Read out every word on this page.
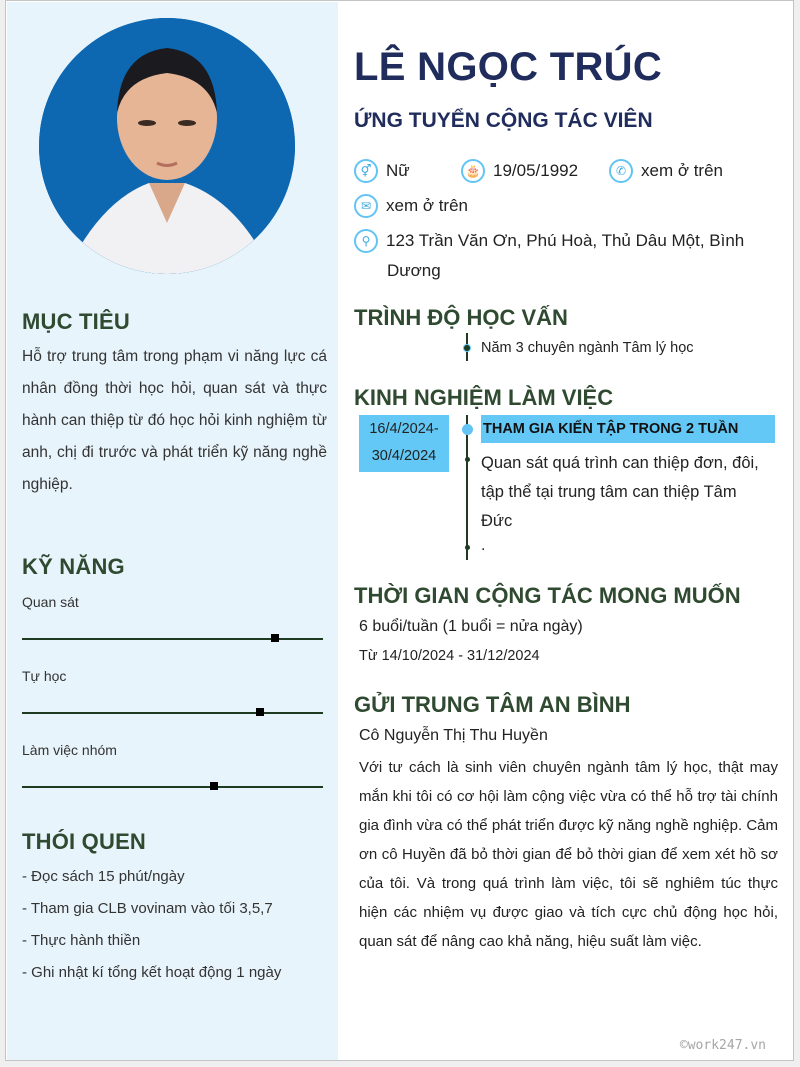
MỤC TIÊU
Hỗ trợ trung tâm trong phạm vi năng lực cá nhân đồng thời học hỏi, quan sát và thực hành can thiệp từ đó học hỏi kinh nghiệm từ anh, chị đi trước và phát triển kỹ năng nghề nghiệp.
KỸ NĂNG
Quan sát
Tự học
Làm việc nhóm
THÓI QUEN
- Đọc sách 15 phút/ngày
- Tham gia CLB vovinam vào tối 3,5,7
- Thực hành thiền
- Ghi nhật kí tổng kết hoạt động 1 ngày
LÊ NGỌC TRÚC
ỨNG TUYỂN CỘNG TÁC VIÊN
⚥ Nữ	🎂 19/05/1992	✆ xem ở trên
✉ xem ở trên
⚲ 123 Trần Văn Ơn, Phú Hoà, Thủ Dâu Một, Bình
Dương
TRÌNH ĐỘ HỌC VẤN
Năm 3 chuyên ngành Tâm lý học
KINH NGHIỆM LÀM VIỆC
16/4/2024-
30/4/2024
THAM GIA KIẾN TẬP TRONG 2 TUẦN
Quan sát quá trình can thiệp đơn, đôi,
tập thể tại trung tâm can thiệp Tâm
Đức
.
THỜI GIAN CỘNG TÁC MONG MUỐN
6 buổi/tuần (1 buổi = nửa ngày)
Từ 14/10/2024 - 31/12/2024
GỬI TRUNG TÂM AN BÌNH
Cô Nguyễn Thị Thu Huyền
Với tư cách là sinh viên chuyên ngành tâm lý học, thật may mắn khi tôi có cơ hội làm cộng việc vừa có thể hỗ trợ tài chính gia đình vừa có thể phát triển được kỹ năng nghề nghiệp. Cảm ơn cô Huyền đã bỏ thời gian để bỏ thời gian để xem xét hồ sơ của tôi. Và trong quá trình làm việc, tôi sẽ nghiêm túc thực hiện các nhiệm vụ được giao và tích cực chủ động học hỏi, quan sát để nâng cao khả năng, hiệu suất làm việc.
©work247.vn
